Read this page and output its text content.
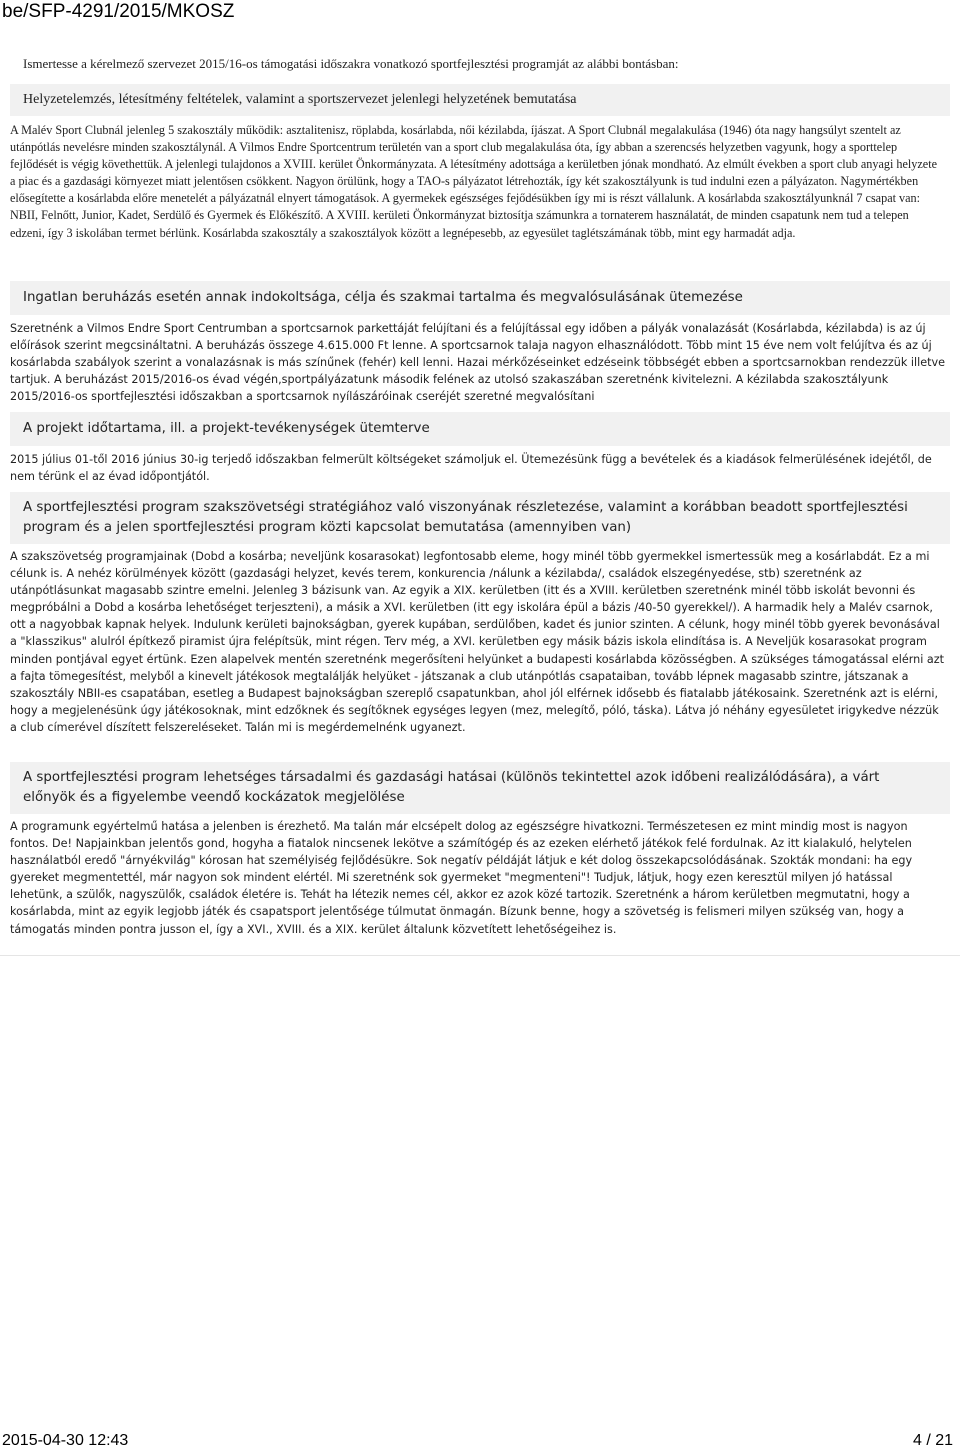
be/SFP-4291/2015/MKOSZ
Ismertesse a kérelmező szervezet 2015/16-os támogatási időszakra vonatkozó sportfejlesztési programját az alábbi bontásban:
Helyzetelemzés, létesítmény feltételek, valamint a sportszervezet jelenlegi helyzetének bemutatása
A Malév Sport Clubnál jelenleg 5 szakosztály működik: asztalitenisz, röplabda, kosárlabda, női kézilabda, íjászat. A Sport Clubnál megalakulása (1946) óta nagy hangsúlyt szentelt az utánpótlás nevelésre minden szakosztálynál. A Vilmos Endre Sportcentrum területén van a sport club megalakulása óta, így abban a szerencsés helyzetben vagyunk, hogy a sporttelep fejlődését is végig követhettük. A jelenlegi tulajdonos a XVIII. kerület Önkormányzata. A létesítmény adottsága a kerületben jónak mondható. Az elmúlt években a sport club anyagi helyzete a piac és a gazdasági környezet miatt jelentősen csökkent. Nagyon örülünk, hogy a TAO-s pályázatot létrehozták, így két szakosztályunk is tud indulni ezen a pályázaton. Nagymértékben elősegítette a kosárlabda előre menetelét a pályázatnál elnyert támogatások. A gyermekek egészséges fejődésükben így mi is részt vállalunk. A kosárlabda szakosztályunknál 7 csapat van: NBII, Felnőtt, Junior, Kadet, Serdülő és Gyermek és Előkészítő. A XVIII. kerületi Önkormányzat biztosítja számunkra a tornaterem használatát, de minden csapatunk nem tud a telepen edzeni, így 3 iskolában termet bérlünk. Kosárlabda szakosztály a szakosztályok között a legnépesebb, az egyesület taglétszámának több, mint egy harmadát adja.
Ingatlan beruházás esetén annak indokoltsága, célja és szakmai tartalma és megvalósulásának ütemezése
Szeretnénk a Vilmos Endre Sport Centrumban a sportcsarnok parkettáját felújítani és a felújítással egy időben a pályák vonalazását (Kosárlabda, kézilabda) is az új előírások szerint megcsináltatni. A beruházás összege 4.615.000 Ft lenne. A sportcsarnok talaja nagyon elhasználódott. Több mint 15 éve nem volt felújítva és az új kosárlabda szabályok szerint a vonalazásnak is más színűnek (fehér) kell lenni. Hazai mérkőzéseinket edzéseink többségét ebben a sportcsarnokban rendezzük illetve tartjuk. A beruházást 2015/2016-os évad végén,sportpályázatunk második felének az utolsó szakaszában szeretnénk kivitelezni. A kézilabda szakosztályunk 2015/2016-os sportfejlesztési időszakban a sportcsarnok nyílászáróinak cseréjét szeretné megvalósítani
A projekt időtartama, ill. a projekt-tevékenységek ütemterve
2015 július 01-től 2016 június 30-ig terjedő időszakban felmerült költségeket számoljuk el. Ütemezésünk függ a bevételek és a kiadások felmerülésének idejétől, de nem térünk el az évad időpontjától.
A sportfejlesztési program szakszövetségi stratégiához való viszonyának részletezése, valamint a korábban beadott sportfejlesztési program és a jelen sportfejlesztési program közti kapcsolat bemutatása (amennyiben van)
A szakszövetség programjainak (Dobd a kosárba; neveljünk kosarasokat) legfontosabb eleme, hogy minél több gyermekkel ismertessük meg a kosárlabdát. Ez a mi célunk is. A nehéz körülmények között (gazdasági helyzet, kevés terem, konkurencia /nálunk a kézilabda/, családok elszegényedése, stb) szeretnénk az utánpótlásunkat magasabb szintre emelni. Jelenleg 3 bázisunk van. Az egyik a XIX. kerületben (itt és a XVIII. kerületben szeretnénk minél több iskolát bevonni és megpróbálni a Dobd a kosárba lehetőséget terjeszteni), a másik a XVI. kerületben (itt egy iskolára épül a bázis /40-50 gyerekkel/). A harmadik hely a Malév csarnok, ott a nagyobbak kapnak helyek. Indulunk kerületi bajnokságban, gyerek kupában, serdülőben, kadet és junior szinten. A célunk, hogy minél több gyerek bevonásával a "klasszikus" alulról építkező piramist újra felépítsük, mint régen. Terv még, a XVI. kerületben egy másik bázis iskola elindítása is. A Neveljük kosarasokat program minden pontjával egyet értünk. Ezen alapelvek mentén szeretnénk megerősíteni helyünket a budapesti kosárlabda közösségben. A szükséges támogatással elérni azt a fajta tömegesítést, melyből a kinevelt játékosok megtalálják helyüket - játszanak a club utánpótlás csapataiban, tovább lépnek magasabb szintre, játszanak a szakosztály NBII-es csapatában, esetleg a Budapest bajnokságban szereplő csapatunkban, ahol jól elférnek idősebb és fiatalabb játékosaink. Szeretnénk azt is elérni, hogy a megjelenésünk úgy játékosoknak, mint edzőknek és segítőknek egységes legyen (mez, melegítő, póló, táska). Látva jó néhány egyesületet irigykedve nézzük a club címerével díszített felszereléseket. Talán mi is megérdemelnénk ugyanezt.
A sportfejlesztési program lehetséges társadalmi és gazdasági hatásai (különös tekintettel azok időbeni realizálódására), a várt előnyök és a figyelembe veendő kockázatok megjelölése
A programunk egyértelmű hatása a jelenben is érezhető. Ma talán már elcsépelt dolog az egészségre hivatkozni. Természetesen ez mint mindig most is nagyon fontos. De! Napjainkban jelentős gond, hogyha a fiatalok nincsenek lekötve a számítógép és az ezeken elérhető játékok felé fordulnak. Az itt kialakuló, helytelen használatból eredő "árnyékvilág" kórosan hat személyiség fejlődésükre. Sok negatív példáját látjuk e két dolog összekapcsolódásának. Szokták mondani: ha egy gyereket megmentettél, már nagyon sok mindent elértél. Mi szeretnénk sok gyermeket "megmenteni"! Tudjuk, látjuk, hogy ezen keresztül milyen jó hatással lehetünk, a szülők, nagyszülők, családok életére is. Tehát ha létezik nemes cél, akkor ez azok közé tartozik. Szeretnénk a három kerületben megmutatni, hogy a kosárlabda, mint az egyik legjobb játék és csapatsport jelentősége túlmutat önmagán. Bízunk benne, hogy a szövetség is felismeri milyen szükség van, hogy a támogatás minden pontra jusson el, így a XVI., XVIII. és a XIX. kerület általunk közvetített lehetőségeihez is.
2015-04-30 12:43	4 / 21
